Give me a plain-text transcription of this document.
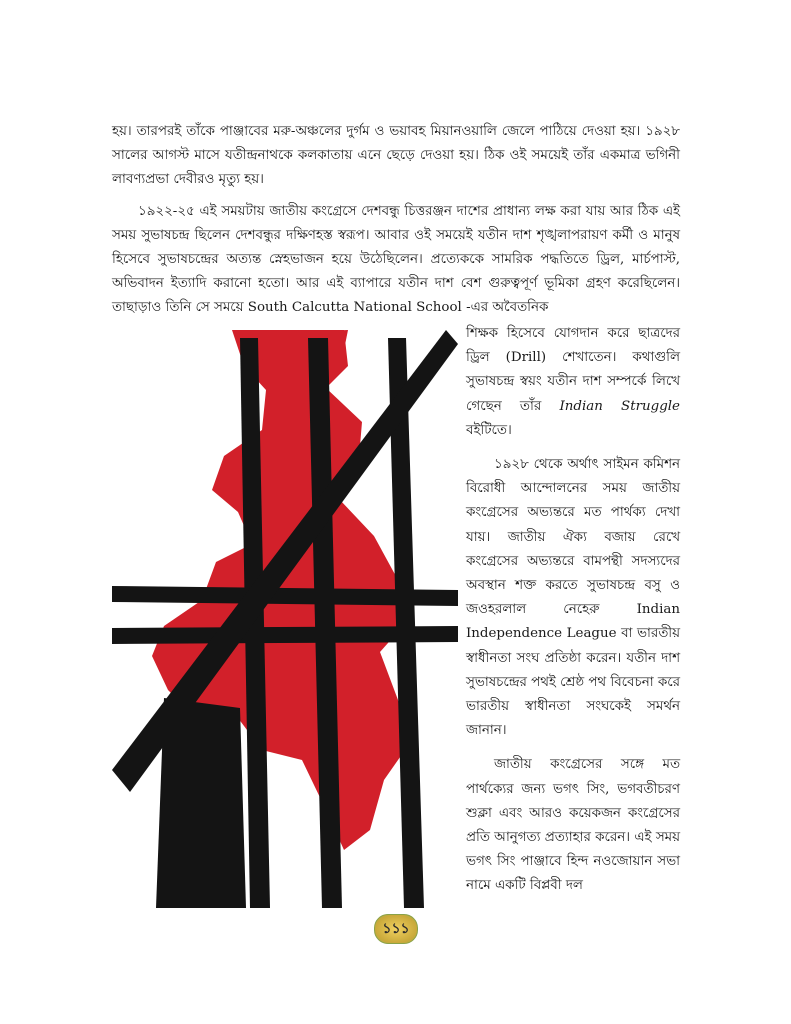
হয়। তারপরই তাঁকে পাঞ্জাবের মরু-অঞ্চলের দুর্গম ও ভয়াবহ মিয়ানওয়ালি জেলে পাঠিয়ে দেওয়া হয়। ১৯২৮ সালের আগস্ট মাসে যতীন্দ্রনাথকে কলকাতায় এনে ছেড়ে দেওয়া হয়। ঠিক ওই সময়েই তাঁর একমাত্র ভগিনী লাবণ্যপ্রভা দেবীরও মৃত্যু হয়।

১৯২২-২৫ এই সময়টায় জাতীয় কংগ্রেসে দেশবন্ধু চিত্তরঞ্জন দাশের প্রাধান্য লক্ষ করা যায় আর ঠিক এই সময় সুভাষচন্দ্র ছিলেন দেশবন্ধুর দক্ষিণহস্ত স্বরূপ। আবার ওই সময়েই যতীন দাশ শৃঙ্খলাপরায়ণ কর্মী ও মানুষ হিসেবে সুভাষচন্দ্রের অত্যন্ত স্নেহভাজন হয়ে উঠেছিলেন। প্রত্যেককে সামরিক পদ্ধতিতে ড্রিল, মার্চপাস্ট, অভিবাদন ইত্যাদি করানো হতো। আর এই ব্যাপারে যতীন দাশ বেশ গুরুত্বপূর্ণ ভূমিকা গ্রহণ করেছিলেন। তাছাড়াও তিনি সে সময়ে South Calcutta National School -এর অবৈতনিক

শিক্ষক হিসেবে যোগদান করে ছাত্রদের ড্রিল (Drill) শেখাতেন। কথাগুলি সুভাষচন্দ্র স্বয়ং যতীন দাশ সম্পর্কে লিখে গেছেন তাঁর Indian Struggle বইটিতে।

১৯২৮ থেকে অর্থাৎ সাইমন কমিশন বিরোধী আন্দোলনের সময় জাতীয় কংগ্রেসের অভ্যন্তরে মত পার্থক্য দেখা যায়। জাতীয় ঐক্য বজায় রেখে কংগ্রেসের অভ্যন্তরে বামপন্থী সদস্যদের অবস্থান শক্ত করতে সুভাষচন্দ্র বসু ও জওহরলাল নেহেরু Indian Independence League বা ভারতীয় স্বাধীনতা সংঘ প্রতিষ্ঠা করেন। যতীন দাশ সুভাষচন্দ্রের পথই শ্রেষ্ঠ পথ বিবেচনা করে ভারতীয় স্বাধীনতা সংঘকেই সমর্থন জানান।

জাতীয় কংগ্রেসের সঙ্গে মত পার্থক্যের জন্য ভগৎ সিং, ভগবতীচরণ শুক্লা এবং আরও কয়েকজন কংগ্রেসের প্রতি আনুগত্য প্রত্যাহার করেন। এই সময় ভগৎ সিং পাঞ্জাবে হিন্দ নওজোয়ান সভা নামে একটি বিপ্লবী দল

১১১
